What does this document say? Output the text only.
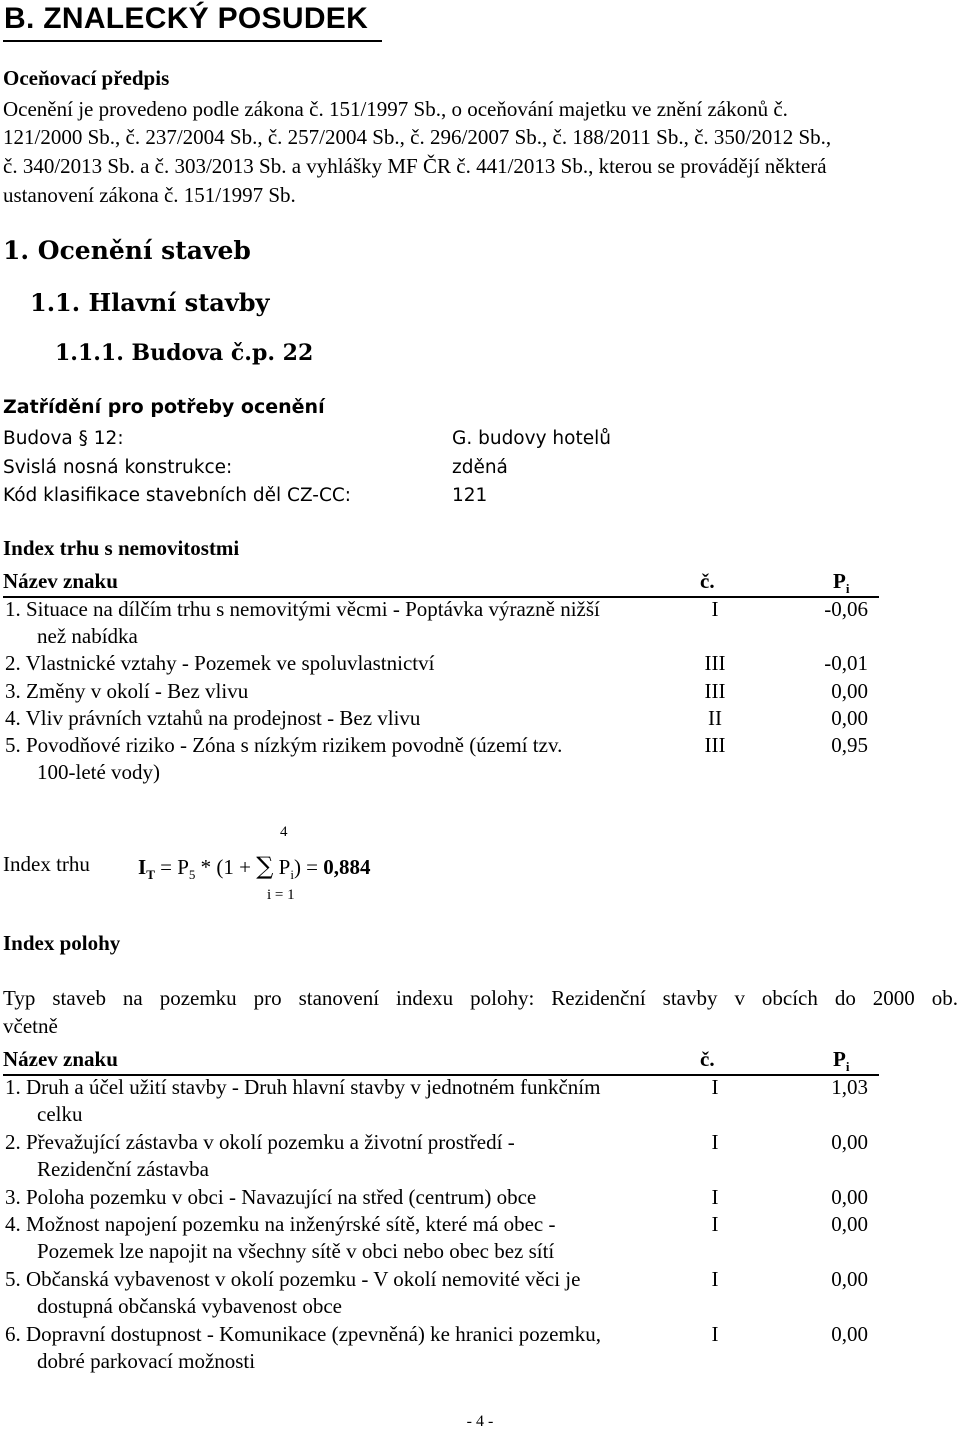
B. ZNALECKÝ POSUDEK
Oceňovací předpis
Ocenění je provedeno podle zákona č. 151/1997 Sb., o oceňování majetku ve znění zákonů č.
121/2000 Sb., č. 237/2004 Sb., č. 257/2004 Sb., č. 296/2007 Sb., č. 188/2011 Sb., č. 350/2012 Sb.,
č. 340/2013 Sb. a č. 303/2013 Sb. a vyhlášky MF ČR č. 441/2013 Sb., kterou se provádějí některá
ustanovení zákona č. 151/1997 Sb.
1. Ocenění staveb
1.1. Hlavní stavby
1.1.1. Budova č.p. 22
Zatřídění pro potřeby ocenění
Budova § 12:	G. budovy hotelů
Svislá nosná konstrukce:	zděná
Kód klasifikace stavebních děl CZ-CC:	121
Index trhu s nemovitostmi
Název znaku	č.	$P_i$
1. Situace na dílčím trhu s nemovitými věcmi - Poptávka výrazně nižší
než nabídka
I	-0,06
2. Vlastnické vztahy - Pozemek ve spoluvlastnictví	III	-0,01
3. Změny v okolí - Bez vlivu	III	0,00
4. Vliv právních vztahů na prodejnost - Bez vlivu	II	0,00
5. Povodňové riziko - Zóna s nízkým rizikem povodně (území tzv.
100-leté vody)
III	0,95
Index trhu
4
i = 1
$I_T = P_5 * (1$ + ∑ $P_i) = 0,884$
Index polohy
Typ staveb na pozemku pro stanovení indexu polohy: Rezidenční stavby v obcích do 2000 ob.
včetně
Název znaku	č.	$P_i$
1. Druh a účel užití stavby - Druh hlavní stavby v jednotném funkčním
celku
I	1,03
2. Převažující zástavba v okolí pozemku a životní prostředí -
Rezidenční zástavba
I	0,00
3. Poloha pozemku v obci - Navazující na střed (centrum) obce	I	0,00
4. Možnost napojení pozemku na inženýrské sítě, které má obec -
Pozemek lze napojit na všechny sítě v obci nebo obec bez sítí
I	0,00
5. Občanská vybavenost v okolí pozemku - V okolí nemovité věci je
dostupná občanská vybavenost obce
I	0,00
6. Dopravní dostupnost - Komunikace (zpevněná) ke hranici pozemku,
dobré parkovací možnosti
I	0,00
- 4 -
